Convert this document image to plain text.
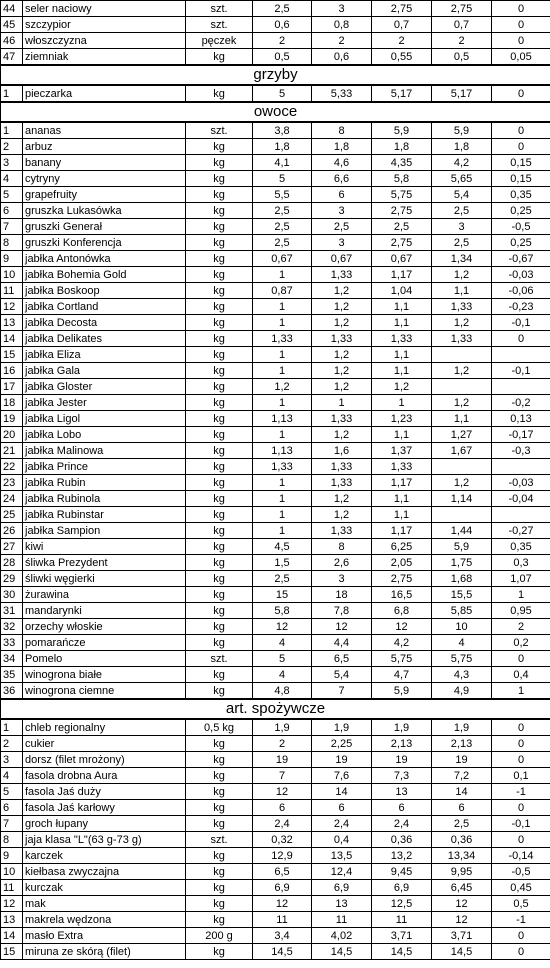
44	seler naciowy	szt.	2,5	3	2,75	2,75	0
45	szczypior	szt.	0,6	0,8	0,7	0,7	0
46	włoszczyzna	pęczek	2	2	2	2	0
47	ziemniak	kg	0,5	0,6	0,55	0,5	0,05
grzyby							
1	pieczarka	kg	5	5,33	5,17	5,17	0
owoce							
1	ananas	szt.	3,8	8	5,9	5,9	0
2	arbuz	kg	1,8	1,8	1,8	1,8	0
3	banany	kg	4,1	4,6	4,35	4,2	0,15
4	cytryny	kg	5	6,6	5,8	5,65	0,15
5	grapefruity	kg	5,5	6	5,75	5,4	0,35
6	gruszka Lukasówka	kg	2,5	3	2,75	2,5	0,25
7	gruszki Generał	kg	2,5	2,5	2,5	3	-0,5
8	gruszki Konferencja	kg	2,5	3	2,75	2,5	0,25
9	jabłka Antonówka	kg	0,67	0,67	0,67	1,34	-0,67
10	jabłka Bohemia Gold	kg	1	1,33	1,17	1,2	-0,03
11	jabłka Boskoop	kg	0,87	1,2	1,04	1,1	-0,06
12	jabłka Cortland	kg	1	1,2	1,1	1,33	-0,23
13	jabłka Decosta	kg	1	1,2	1,1	1,2	-0,1
14	jabłka Delikates	kg	1,33	1,33	1,33	1,33	0
15	jabłka Eliza	kg	1	1,2	1,1		
16	jabłka Gala	kg	1	1,2	1,1	1,2	-0,1
17	jabłka Gloster	kg	1,2	1,2	1,2		
18	jabłka Jester	kg	1	1	1	1,2	-0,2
19	jabłka Ligol	kg	1,13	1,33	1,23	1,1	0,13
20	jabłka Lobo	kg	1	1,2	1,1	1,27	-0,17
21	jabłka Malinowa	kg	1,13	1,6	1,37	1,67	-0,3
22	jabłka Prince	kg	1,33	1,33	1,33		
23	jabłka Rubin	kg	1	1,33	1,17	1,2	-0,03
24	jabłka Rubinola	kg	1	1,2	1,1	1,14	-0,04
25	jabłka Rubinstar	kg	1	1,2	1,1		
26	jabłka Sampion	kg	1	1,33	1,17	1,44	-0,27
27	kiwi	kg	4,5	8	6,25	5,9	0,35
28	śliwka Prezydent	kg	1,5	2,6	2,05	1,75	0,3
29	śliwki węgierki	kg	2,5	3	2,75	1,68	1,07
30	żurawina	kg	15	18	16,5	15,5	1
31	mandarynki	kg	5,8	7,8	6,8	5,85	0,95
32	orzechy włoskie	kg	12	12	12	10	2
33	pomarańcze	kg	4	4,4	4,2	4	0,2
34	Pomelo	szt.	5	6,5	5,75	5,75	0
35	winogrona białe	kg	4	5,4	4,7	4,3	0,4
36	winogrona ciemne	kg	4,8	7	5,9	4,9	1
art. spożywcze							
1	chleb regionalny	0,5 kg	1,9	1,9	1,9	1,9	0
2	cukier	kg	2	2,25	2,13	2,13	0
3	dorsz (filet mrożony)	kg	19	19	19	19	0
4	fasola drobna Aura	kg	7	7,6	7,3	7,2	0,1
5	fasola Jaś duży	kg	12	14	13	14	-1
6	fasola Jaś karłowy	kg	6	6	6	6	0
7	groch łupany	kg	2,4	2,4	2,4	2,5	-0,1
8	jaja klasa "L"(63 g-73 g)	szt.	0,32	0,4	0,36	0,36	0
9	karczek	kg	12,9	13,5	13,2	13,34	-0,14
10	kiełbasa zwyczajna	kg	6,5	12,4	9,45	9,95	-0,5
11	kurczak	kg	6,9	6,9	6,9	6,45	0,45
12	mak	kg	12	13	12,5	12	0,5
13	makrela wędzona	kg	11	11	11	12	-1
14	masło Extra	200 g	3,4	4,02	3,71	3,71	0
15	miruna ze skórą (filet)	kg	14,5	14,5	14,5	14,5	0
